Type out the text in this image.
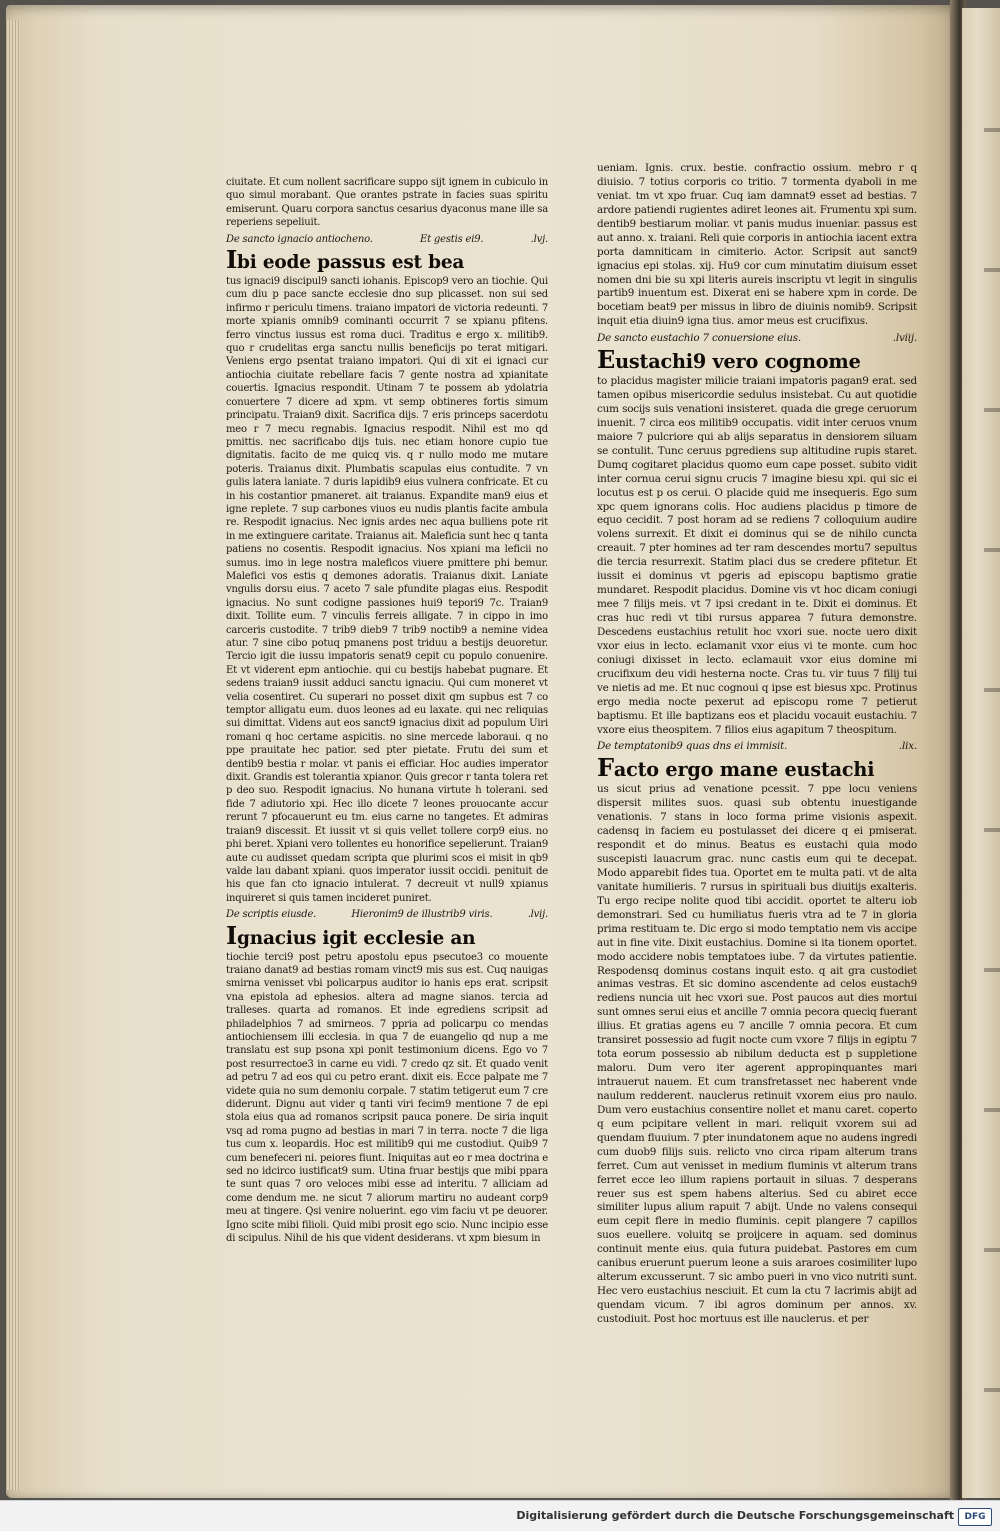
ciuitate. Et cum nollent sacrificare suppo sijt ignem in cubiculo in quo simul morabant. Que orantes pstrate in facies suas spiritu emiserunt. Quaru corpora sanctus cesarius dyaconus mane ille sa reperiens sepeliuit.

De sancto ignacio antiocheno.	Et gestis ei9.	.lvj.
Ibi eode passus est bea

tus ignaci9 discipul9 sancti iohanis. Episcop9 vero an tiochie. Qui cum diu p pace sancte ecclesie dno sup plicasset. non sui sed infirmo r periculu timens. traiano impatori de victoria redeunti. 7 morte xpianis omnib9 cominanti occurrit 7 se xpianu pfitens. ferro vinctus iussus est roma duci. Traditus e ergo x. militib9. quo r crudelitas erga sanctu nullis beneficijs po terat mitigari. Veniens ergo psentat traiano impatori. Qui di xit ei ignaci cur antiochia ciuitate rebellare facis 7 gente nostra ad xpianitate couertis. Ignacius respondit. Utinam 7 te possem ab ydolatria conuertere 7 dicere ad xpm. vt semp obtineres fortis simum principatu. Traian9 dixit. Sacrifica dijs. 7 eris princeps sacerdotu meo r 7 mecu regnabis. Ignacius respodit. Nihil est mo qd pmittis. nec sacrificabo dijs tuis. nec etiam honore cupio tue dignitatis. facito de me quicq vis. q r nullo modo me mutare poteris. Traianus dixit. Plumbatis scapulas eius contudite. 7 vn gulis latera laniate. 7 duris lapidib9 eius vulnera confricate. Et cu in his costantior pmaneret. ait traianus. Expandite man9 eius et igne replete. 7 sup carbones viuos eu nudis plantis facite ambula re. Respodit ignacius. Nec ignis ardes nec aqua bulliens pote rit in me extinguere caritate. Traianus ait. Maleficia sunt hec q tanta patiens no cosentis. Respodit ignacius. Nos xpiani ma leficii no sumus. imo in lege nostra maleficos viuere pmittere phi bemur. Malefici vos estis q demones adoratis. Traianus dixit. Laniate vngulis dorsu eius. 7 aceto 7 sale pfundite plagas eius. Respodit ignacius. No sunt codigne passiones hui9 tepori9 7c. Traian9 dixit. Tollite eum. 7 vinculis ferreis alligate. 7 in cippo in imo carceris custodite. 7 trib9 dieb9 7 trib9 noctib9 a nemine videa atur. 7 sine cibo potuq pmanens post triduu a bestijs deuoretur. Tercio igit die iussu impatoris senat9 cepit cu populo conuenire. Et vt viderent epm antiochie. qui cu bestijs habebat pugnare. Et sedens traian9 iussit adduci sanctu ignaciu. Qui cum moneret vt velia cosentiret. Cu superari no posset dixit qm supbus est 7 co temptor alligatu eum. duos leones ad eu laxate. qui nec reliquias sui dimittat. Videns aut eos sanct9 ignacius dixit ad populum Uiri romani q hoc certame aspicitis. no sine mercede laboraui. q no ppe prauitate hec patior. sed pter pietate. Frutu dei sum et dentib9 bestia r molar. vt panis ei efficiar. Hoc audies imperator dixit. Grandis est tolerantia xpianor. Quis grecor r tanta tolera ret p deo suo. Respodit ignacius. No hunana virtute h tolerani. sed fide 7 adiutorio xpi. Hec illo dicete 7 leones prouocante accur rerunt 7 pfocauerunt eu tm. eius carne no tangetes. Et admiras traian9 discessit. Et iussit vt si quis vellet tollere corp9 eius. no phi beret. Xpiani vero tollentes eu honorifice sepelierunt. Traian9 aute cu audisset quedam scripta que plurimi scos ei misit in qb9 valde lau dabant xpiani. quos imperator iussit occidi. penituit de his que fan cto ignacio intulerat. 7 decreuit vt null9 xpianus inquireret si quis tamen incideret puniret.

De scriptis eiusde.	Hieronim9 de illustrib9 viris.	.lvij.
Ignacius igit ecclesie an

tiochie terci9 post petru apostolu epus psecutoe3 co mouente traiano danat9 ad bestias romam vinct9 mis sus est. Cuq nauigas smirna venisset vbi policarpus auditor io hanis eps erat. scripsit vna epistola ad ephesios. altera ad magne sianos. tercia ad tralleses. quarta ad romanos. Et inde egrediens scripsit ad philadelphios 7 ad smirneos. 7 ppria ad policarpu co mendas antiochiensem illi ecclesia. in qua 7 de euangelio qd nup a me translatu est sup psona xpi ponit testimonium dicens. Ego vo 7 post resurrectoe3 in carne eu vidi. 7 credo qz sit. Et quado venit ad petru 7 ad eos qui cu petro erant. dixit eis. Ecce palpate me 7 videte quia no sum demoniu corpale. 7 statim tetigerut eum 7 cre diderunt. Dignu aut vider q tanti viri fecim9 mentione 7 de epi stola eius qua ad romanos scripsit pauca ponere. De siria inquit vsq ad roma pugno ad bestias in mari 7 in terra. nocte 7 die liga tus cum x. leopardis. Hoc est militib9 qui me custodiut. Quib9 7 cum benefeceri ni. peiores fiunt. Iniquitas aut eo r mea doctrina e sed no idcirco iustificat9 sum. Utina fruar bestijs que mibi ppara te sunt quas 7 oro veloces mibi esse ad interitu. 7 alliciam ad come dendum me. ne sicut 7 aliorum martiru no audeant corp9 meu at tingere. Qsi venire noluerint. ego vim faciu vt pe deuorer. Igno scite mibi filioli. Quid mibi prosit ego scio. Nunc incipio esse di scipulus. Nihil de his que vident desiderans. vt xpm biesum in

ueniam. Ignis. crux. bestie. confractio ossium. mebro r q diuisio. 7 totius corporis co tritio. 7 tormenta dyaboli in me veniat. tm vt xpo fruar. Cuq iam damnat9 esset ad bestias. 7 ardore patiendi rugientes adiret leones ait. Frumentu xpi sum. dentib9 bestiarum moliar. vt panis mudus inueniar. passus est aut anno. x. traiani. Reli quie corporis in antiochia iacent extra porta damniticam in cimiterio. Actor. Scripsit aut sanct9 ignacius epi stolas. xij. Hu9 cor cum minutatim diuisum esset nomen dni bie su xpi literis aureis inscriptu vt legit in singulis partib9 inuentum est. Dixerat eni se habere xpm in corde. De bocetiam beat9 per missus in libro de diuinis nomib9. Scripsit inquit etia diuin9 igna tius. amor meus est crucifixus.

De sancto eustachio 7 conuersione eius.	.lviij.
Eustachi9 vero cognome

to placidus magister milicie traiani impatoris pagan9 erat. sed tamen opibus misericordie sedulus insistebat. Cu aut quotidie cum socijs suis venationi insisteret. quada die grege ceruorum inuenit. 7 circa eos militib9 occupatis. vidit inter ceruos vnum maiore 7 pulcriore qui ab alijs separatus in densiorem siluam se contulit. Tunc ceruus pgrediens sup altitudine rupis staret. Dumq cogitaret placidus quomo eum cape posset. subito vidit inter cornua cerui signu crucis 7 imagine biesu xpi. qui sic ei locutus est p os cerui. O placide quid me insequeris. Ego sum xpc quem ignorans colis. Hoc audiens placidus p timore de equo cecidit. 7 post horam ad se rediens 7 colloquium audire volens surrexit. Et dixit ei dominus qui se de nihilo cuncta creauit. 7 pter homines ad ter ram descendes mortu7 sepultus die tercia resurrexit. Statim placi dus se credere pfitetur. Et iussit ei dominus vt pgeris ad episcopu baptismo gratie mundaret. Respodit placidus. Domine vis vt hoc dicam coniugi mee 7 filijs meis. vt 7 ipsi credant in te. Dixit ei dominus. Et cras huc redi vt tibi rursus apparea 7 futura demonstre. Descedens eustachius retulit hoc vxori sue. nocte uero dixit vxor eius in lecto. eclamanit vxor eius vi te monte. cum hoc coniugi dixisset in lecto. eclamauit vxor eius domine mi crucifixum deu vidi hesterna nocte. Cras tu. vir tuus 7 filij tui ve nietis ad me. Et nuc cognoui q ipse est biesus xpc. Protinus ergo media nocte pexerut ad episcopu rome 7 petierut baptismu. Et ille baptizans eos et placidu vocauit eustachiu. 7 vxore eius theospitem. 7 filios eius agapitum 7 theospitum.

De temptatonib9 quas dns ei immisit.	.lix.
Facto ergo mane eustachi

us sicut prius ad venatione pcessit. 7 ppe locu veniens dispersit milites suos. quasi sub obtentu inuestigande venationis. 7 stans in loco forma prime visionis aspexit. cadensq in faciem eu postulasset dei dicere q ei pmiserat. respondit et do minus. Beatus es eustachi quia modo suscepisti lauacrum grac. nunc castis eum qui te decepat. Modo apparebit fides tua. Oportet em te multa pati. vt de alta vanitate humilieris. 7 rursus in spirituali bus diuitijs exalteris. Tu ergo recipe nolite quod tibi accidit. oportet te alteru iob demonstrari. Sed cu humiliatus fueris vtra ad te 7 in gloria prima restituam te. Dic ergo si modo temptatio nem vis accipe aut in fine vite. Dixit eustachius. Domine si ita tionem oportet. modo accidere nobis temptatoes iube. 7 da virtutes patientie. Respodensq dominus costans inquit esto. q ait gra custodiet animas vestras. Et sic domino ascendente ad celos eustach9 rediens nuncia uit hec vxori sue. Post paucos aut dies mortui sunt omnes serui eius et ancille 7 omnia pecora queciq fuerant illius. Et gratias agens eu 7 ancille 7 omnia pecora. Et cum transiret possessio ad fugit nocte cum vxore 7 filijs in egiptu 7 tota eorum possessio ab nibilum deducta est p suppletione maloru. Dum vero iter agerent appropinquantes mari intrauerut nauem. Et cum transfretasset nec haberent vnde naulum redderent. nauclerus retinuit vxorem eius pro naulo. Dum vero eustachius consentire nollet et manu caret. coperto q eum pcipitare vellent in mari. reliquit vxorem sui ad quendam fluuium. 7 pter inundatonem aque no audens ingredi cum duob9 filijs suis. relicto vno circa ripam alterum trans ferret. Cum aut venisset in medium fluminis vt alterum trans ferret ecce leo illum rapiens portauit in siluas. 7 desperans reuer sus est spem habens alterius. Sed cu abiret ecce similiter lupus alium rapuit 7 abijt. Unde no valens consequi eum cepit flere in medio fluminis. cepit plangere 7 capillos suos euellere. voluitq se proijcere in aquam. sed dominus continuit mente eius. quia futura puidebat. Pastores em cum canibus eruerunt puerum leone a suis araroes cosimiliter lupo alterum excusserunt. 7 sic ambo pueri in vno vico nutriti sunt. Hec vero eustachius nesciuit. Et cum la ctu 7 lacrimis abijt ad quendam vicum. 7 ibi agros dominum per annos. xv. custodiuit. Post hoc mortuus est ille nauclerus. et per

Digitalisierung gefördert durch die Deutsche Forschungsgemeinschaft	DFG
